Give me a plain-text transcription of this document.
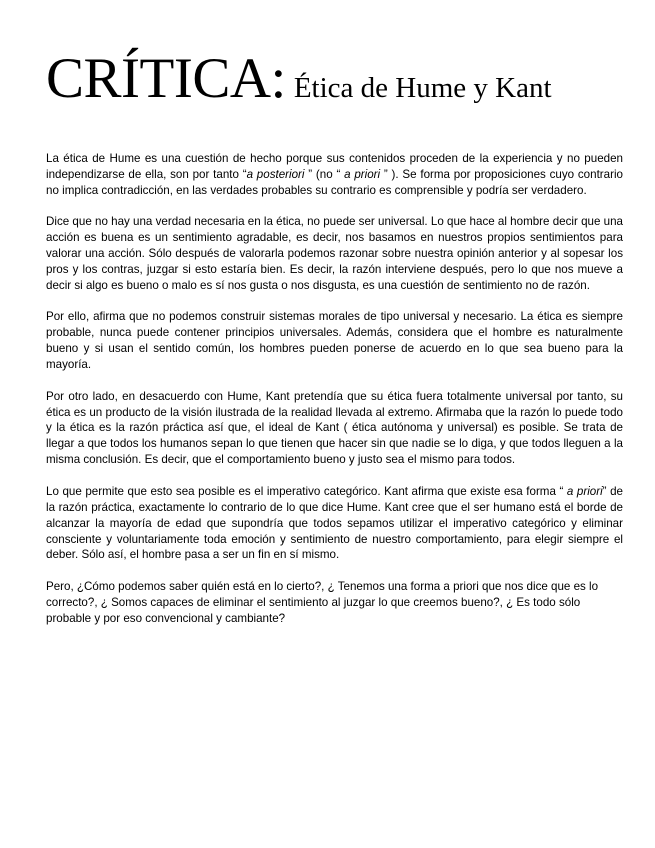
CRÍTICA: Ética de Hume y Kant

La ética de Hume es una cuestión de hecho porque sus contenidos proceden de la experiencia y no pueden independizarse de ella, son por tanto “a posteriori ” (no “ a priori ” ). Se forma por proposiciones cuyo contrario no implica contradicción, en las verdades probables su contrario es comprensible y podría ser verdadero.

Dice que no hay una verdad necesaria en la ética, no puede ser universal. Lo que hace al hombre decir que una acción es buena es un sentimiento agradable, es decir, nos basamos en nuestros propios sentimientos para valorar una acción. Sólo después de valorarla podemos razonar sobre nuestra opinión anterior y al sopesar los pros y los contras, juzgar si esto estaría bien. Es decir, la razón interviene después, pero lo que nos mueve a decir si algo es bueno o malo es sí nos gusta o nos disgusta, es una cuestión de sentimiento no de razón.

Por ello, afirma que no podemos construir sistemas morales de tipo universal y necesario. La ética es siempre probable, nunca puede contener principios universales. Además, considera que el hombre es naturalmente bueno y si usan el sentido común, los hombres pueden ponerse de acuerdo en lo que sea bueno para la mayoría.

Por otro lado, en desacuerdo con Hume, Kant pretendía que su ética fuera totalmente universal por tanto, su ética es un producto de la visión ilustrada de la realidad llevada al extremo. Afirmaba que la razón lo puede todo y la ética es la razón práctica así que, el ideal de Kant ( ética autónoma y universal) es posible. Se trata de llegar a que todos los humanos sepan lo que tienen que hacer sin que nadie se lo diga, y que todos lleguen a la misma conclusión. Es decir, que el comportamiento bueno y justo sea el mismo para todos.

Lo que permite que esto sea posible es el imperativo categórico. Kant afirma que existe esa forma “ a priori” de la razón práctica, exactamente lo contrario de lo que dice Hume. Kant cree que el ser humano está el borde de alcanzar la mayoría de edad que supondría que todos sepamos utilizar el imperativo categórico y eliminar consciente y voluntariamente toda emoción y sentimiento de nuestro comportamiento, para elegir siempre el deber. Sólo así, el hombre pasa a ser un fin en sí mismo.

Pero, ¿Cómo podemos saber quién está en lo cierto?, ¿ Tenemos una forma a priori que nos dice que es lo correcto?, ¿ Somos capaces de eliminar el sentimiento al juzgar lo que creemos bueno?, ¿ Es todo sólo probable y por eso convencional y cambiante?
